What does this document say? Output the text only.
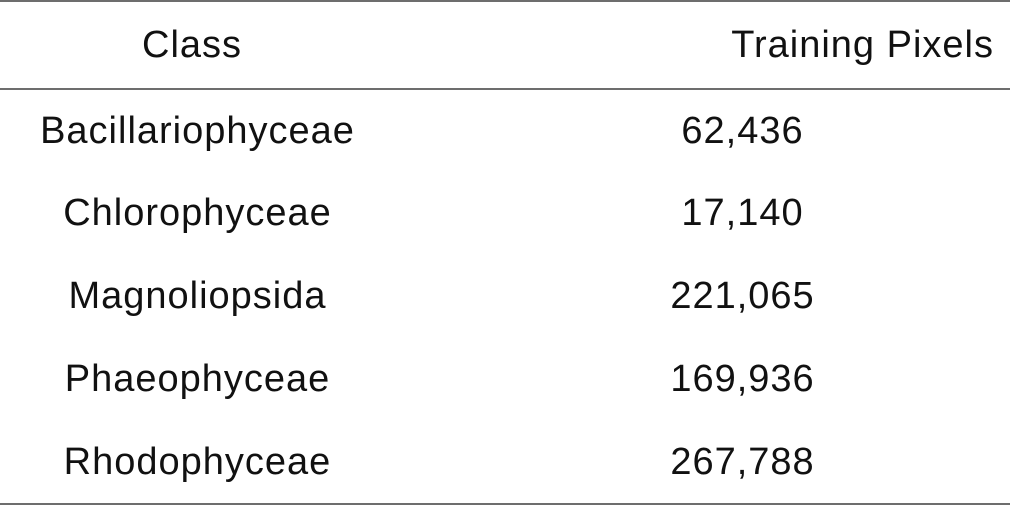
Class	Training Pixels
Bacillariophyceae	62,436
Chlorophyceae	17,140
Magnoliopsida	221,065
Phaeophyceae	169,936
Rhodophyceae	267,788
